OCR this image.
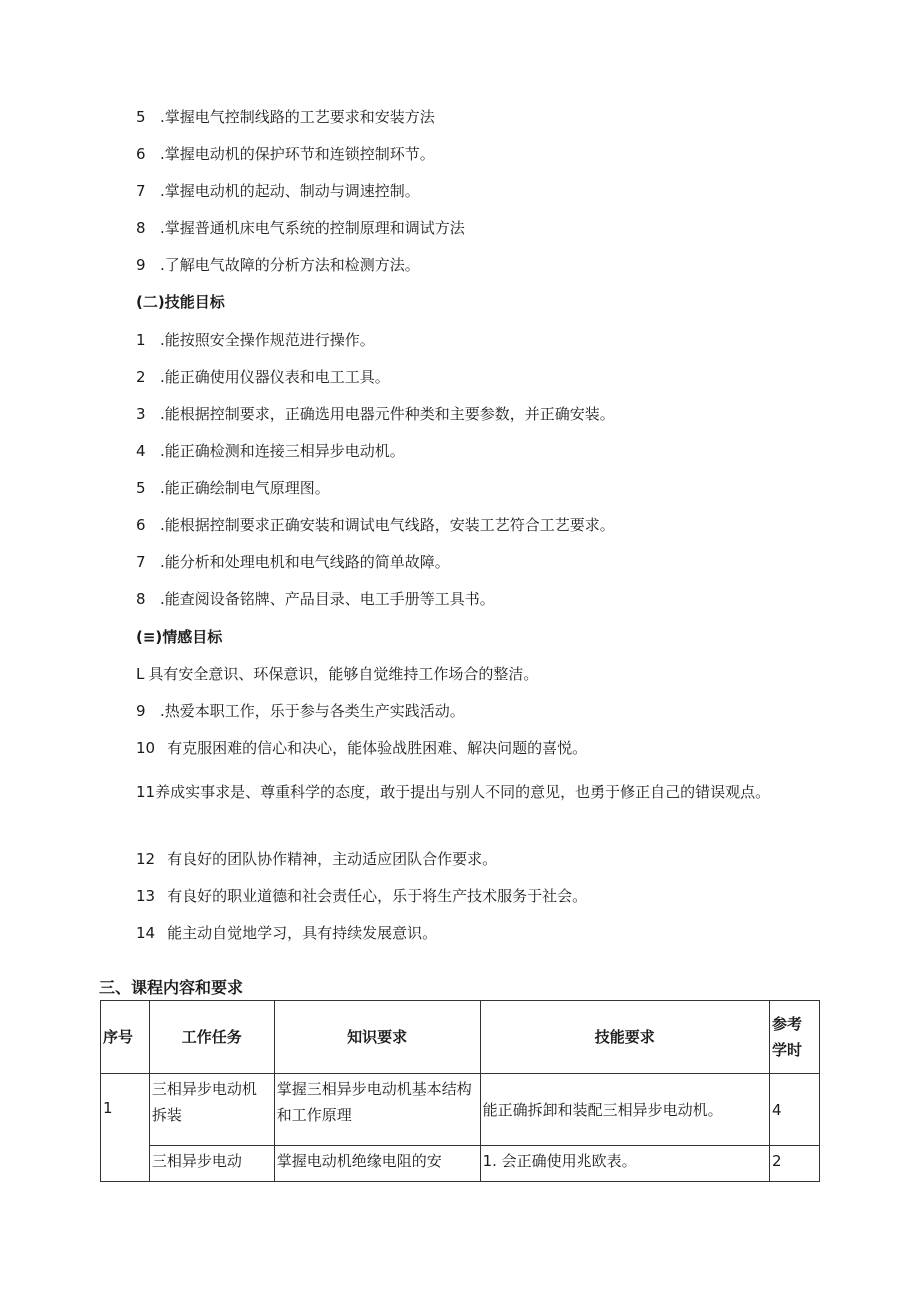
5 .掌握电气控制线路的工艺要求和安装方法
6 .掌握电动机的保护环节和连锁控制环节。
7 .掌握电动机的起动、制动与调速控制。
8 .掌握普通机床电气系统的控制原理和调试方法
9 .了解电气故障的分析方法和检测方法。
(二)技能目标
1 .能按照安全操作规范进行操作。
2 .能正确使用仪器仪表和电工工具。
3 .能根据控制要求，正确选用电器元件种类和主要参数，并正确安装。
4 .能正确检测和连接三相异步电动机。
5 .能正确绘制电气原理图。
6 .能根据控制要求正确安装和调试电气线路，安装工艺符合工艺要求。
7 .能分析和处理电机和电气线路的简单故障。
8 .能查阅设备铭牌、产品目录、电工手册等工具书。
(≡)情感目标
L 具有安全意识、环保意识，能够自觉维持工作场合的整洁。
9 .热爱本职工作，乐于参与各类生产实践活动。
10 有克服困难的信心和决心，能体验战胜困难、解决问题的喜悦。
11养成实事求是、尊重科学的态度，敢于提出与别人不同的意见，也勇于修正自己的错误观点。
12 有良好的团队协作精神，主动适应团队合作要求。
13 有良好的职业道德和社会责任心，乐于将生产技术服务于社会。
14 能主动自觉地学习，具有持续发展意识。
三、课程内容和要求
序号	工作任务	知识要求	技能要求	参考学时
1	三相异步电动机拆装	掌握三相异步电动机基本结构和工作原理	能正确拆卸和装配三相异步电动机。	4
	三相异步电动	掌握电动机绝缘电阻的安	1. 会正确使用兆欧表。	2
